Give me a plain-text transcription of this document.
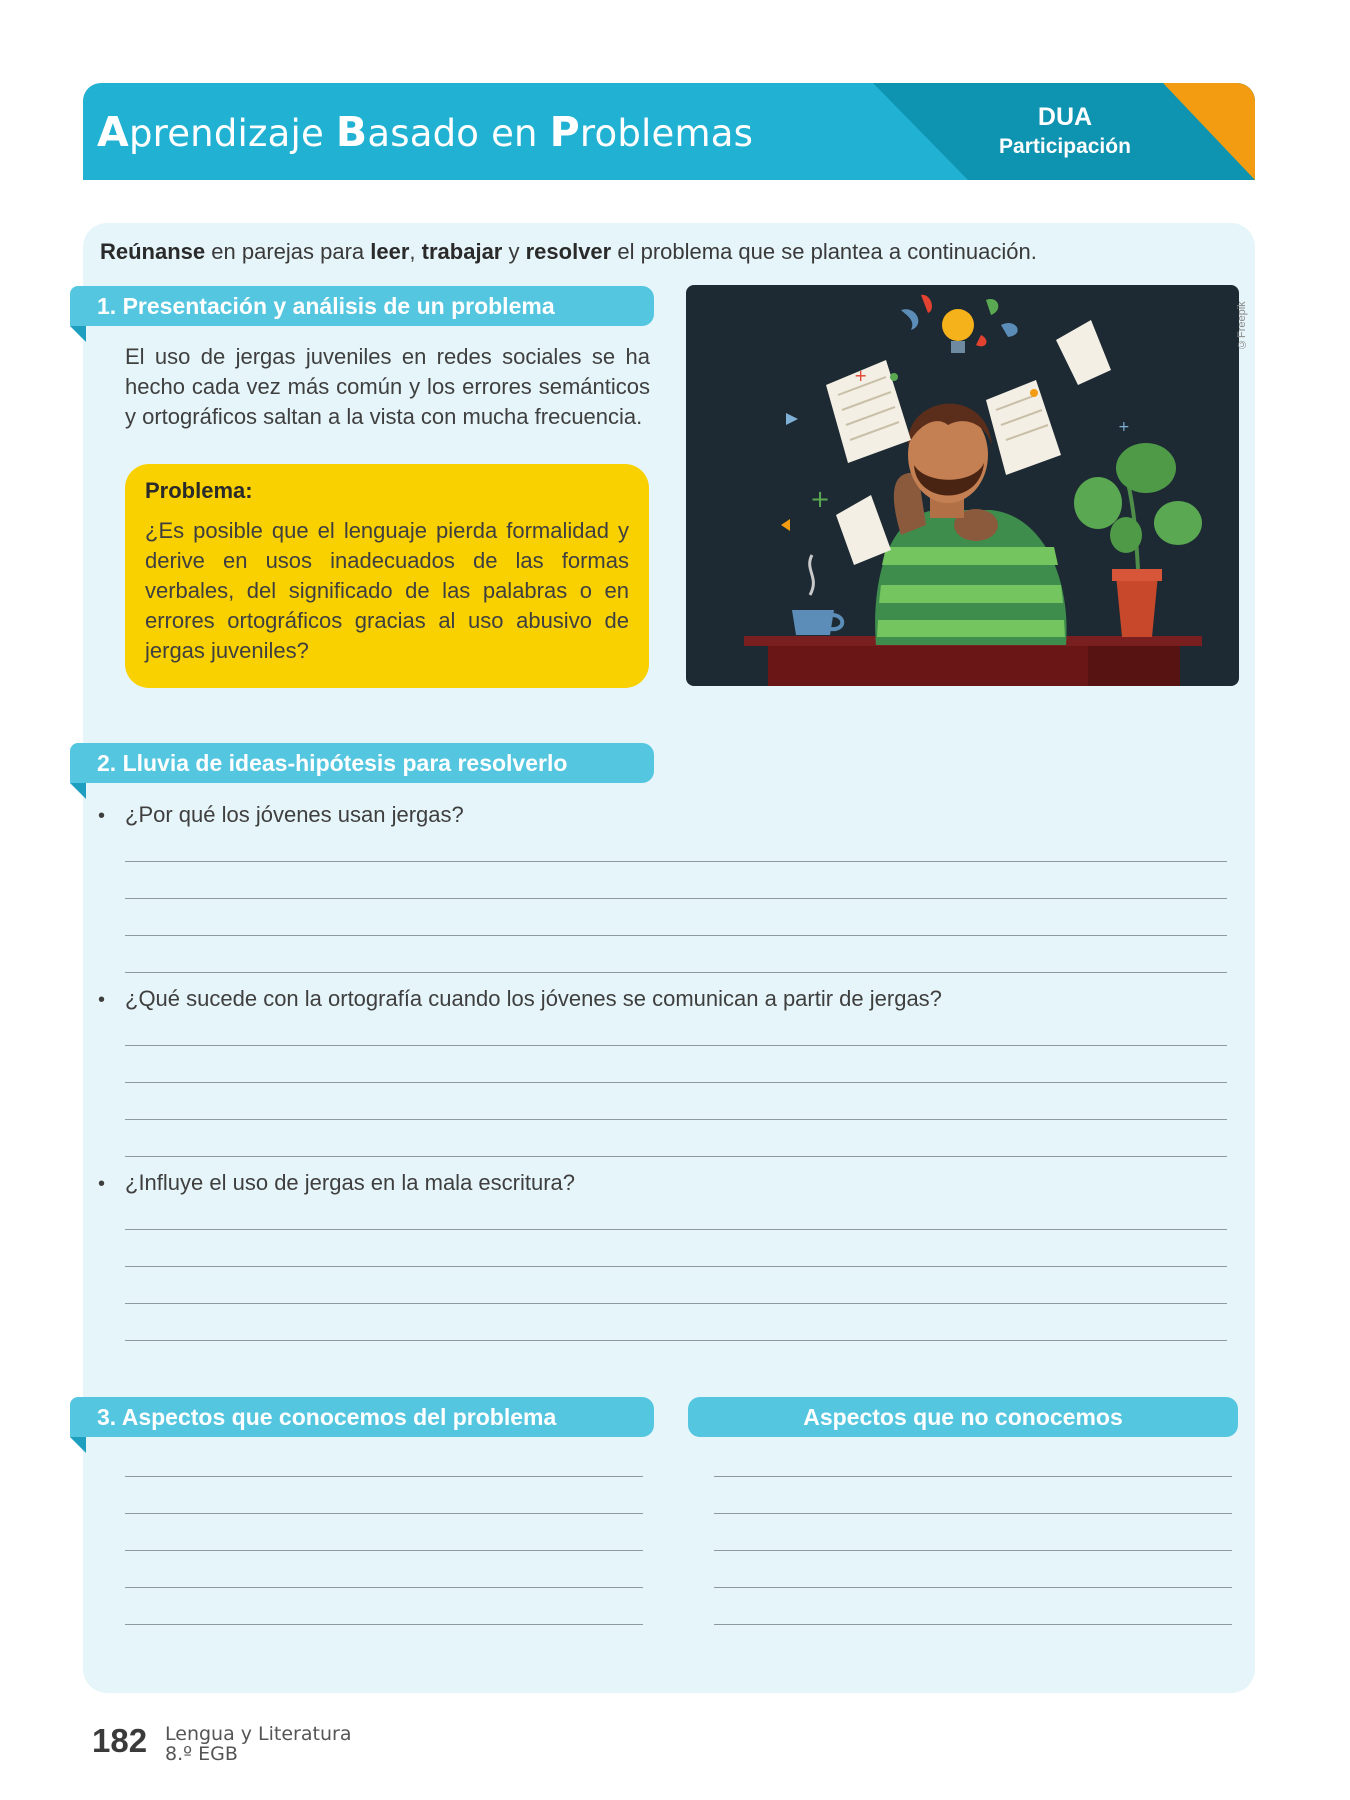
Aprendizaje Basado en Problemas	DUA
Participación
Reúnanse en parejas para leer, trabajar y resolver el problema que se plantea a continuación.
1. Presentación y análisis de un problema
El uso de jergas juveniles en redes sociales se ha hecho cada vez más común y los errores semánticos y ortográficos saltan a la vista con mucha frecuencia.
Problema:
¿Es posible que el lenguaje pierda formalidad y derive en usos inadecuados de las formas verbales, del significado de las palabras o en errores ortográficos gracias al uso abusivo de jergas juveniles?
+
+
+
©Freepik
2. Lluvia de ideas-hipótesis para resolverlo
• ¿Por qué los jóvenes usan jergas?
• ¿Qué sucede con la ortografía cuando los jóvenes se comunican a partir de jergas?
• ¿Influye el uso de jergas en la mala escritura?
3. Aspectos que conocemos del problema	Aspectos que no conocemos
182 Lengua y Literatura
8.º EGB
